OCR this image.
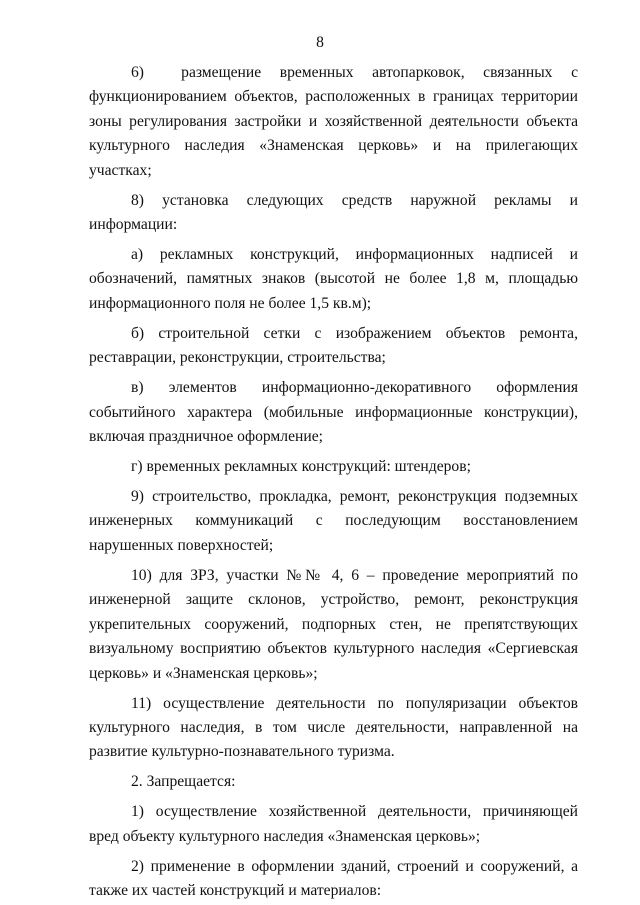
8

6)  размещение временных автопарковок, связанных с функционированием объектов, расположенных в границах территории зоны регулирования застройки и хозяйственной деятельности объекта культурного наследия «Знаменская церковь» и на прилегающих участках;

8) установка следующих средств наружной рекламы и информации:

а) рекламных конструкций, информационных надписей и обозначений, памятных знаков (высотой не более 1,8 м, площадью информационного поля не более 1,5 кв.м);

б) строительной сетки с изображением объектов ремонта, реставрации, реконструкции, строительства;

в) элементов информационно-декоративного оформления событийного характера (мобильные информационные конструкции), включая праздничное оформление;

г) временных рекламных конструкций: штендеров;

9) строительство, прокладка, ремонт, реконструкция подземных инженерных коммуникаций с последующим восстановлением нарушенных поверхностей;

10) для ЗРЗ, участки №№ 4, 6 – проведение мероприятий по инженерной защите склонов, устройство, ремонт, реконструкция укрепительных сооружений, подпорных стен, не препятствующих визуальному восприятию объектов культурного наследия «Сергиевская церковь» и «Знаменская церковь»;

11) осуществление деятельности по популяризации объектов культурного наследия, в том числе деятельности, направленной на развитие культурно-познавательного туризма.

2. Запрещается:

1) осуществление хозяйственной деятельности, причиняющей вред объекту культурного наследия «Знаменская церковь»;

2) применение в оформлении зданий, строений и сооружений, а также их частей конструкций и материалов:
